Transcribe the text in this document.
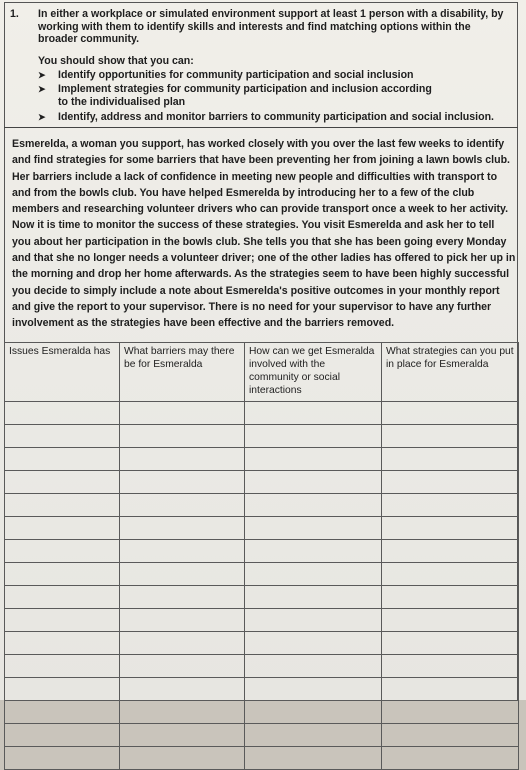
1. In either a workplace or simulated environment support at least 1 person with a disability, by working with them to identify skills and interests and find matching options within the broader community.
You should show that you can:
➤ Identify opportunities for community participation and social inclusion
➤ Implement strategies for community participation and inclusion according to the individualised plan
➤ Identify, address and monitor barriers to community participation and social inclusion.
Esmerelda, a woman you support, has worked closely with you over the last few weeks to identify and find strategies for some barriers that have been preventing her from joining a lawn bowls club. Her barriers include a lack of confidence in meeting new people and difficulties with transport to and from the bowls club. You have helped Esmerelda by introducing her to a few of the club members and researching volunteer drivers who can provide transport once a week to her activity. Now it is time to monitor the success of these strategies. You visit Esmerelda and ask her to tell you about her participation in the bowls club. She tells you that she has been going every Monday and that she no longer needs a volunteer driver; one of the other ladies has offered to pick her up in the morning and drop her home afterwards. As the strategies seem to have been highly successful you decide to simply include a note about Esmerelda's positive outcomes in your monthly report and give the report to your supervisor. There is no need for your supervisor to have any further involvement as the strategies have been effective and the barriers removed.
Issues Esmeralda has	What barriers may there be for Esmeralda	How can we get Esmeralda involved with the community or social interactions	What strategies can you put in place for Esmeralda
